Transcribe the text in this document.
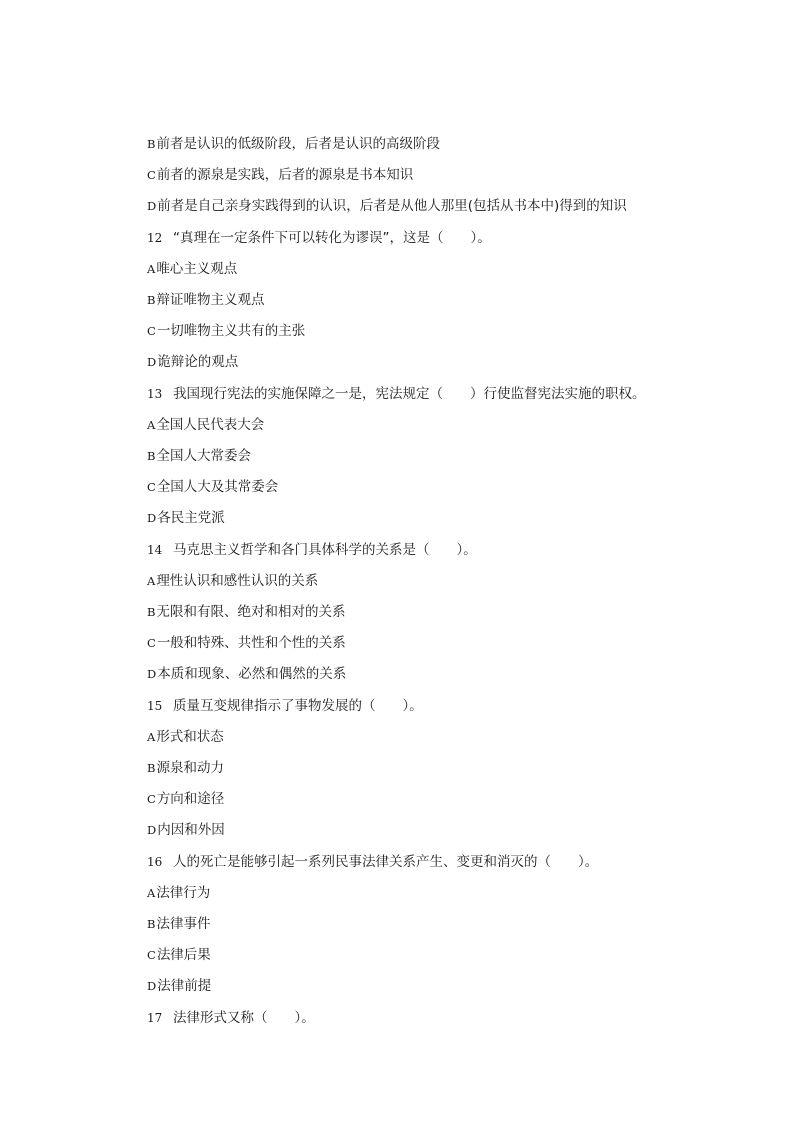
B前者是认识的低级阶段，后者是认识的高级阶段
C前者的源泉是实践，后者的源泉是书本知识
D前者是自己亲身实践得到的认识，后者是从他人那里(包括从书本中)得到的知识
12 “真理在一定条件下可以转化为谬误”，这是（　　）。
A唯心主义观点
B辩证唯物主义观点
C一切唯物主义共有的主张
D诡辩论的观点
13 我国现行宪法的实施保障之一是，宪法规定（　　）行使监督宪法实施的职权。
A全国人民代表大会
B全国人大常委会
C全国人大及其常委会
D各民主党派
14 马克思主义哲学和各门具体科学的关系是（　　）。
A理性认识和感性认识的关系
B无限和有限、绝对和相对的关系
C一般和特殊、共性和个性的关系
D本质和现象、必然和偶然的关系
15 质量互变规律指示了事物发展的（　　）。
A形式和状态
B源泉和动力
C方向和途径
D内因和外因
16 人的死亡是能够引起一系列民事法律关系产生、变更和消灭的（　　）。
A法律行为
B法律事件
C法律后果
D法律前提
17 法律形式又称（　　）。
